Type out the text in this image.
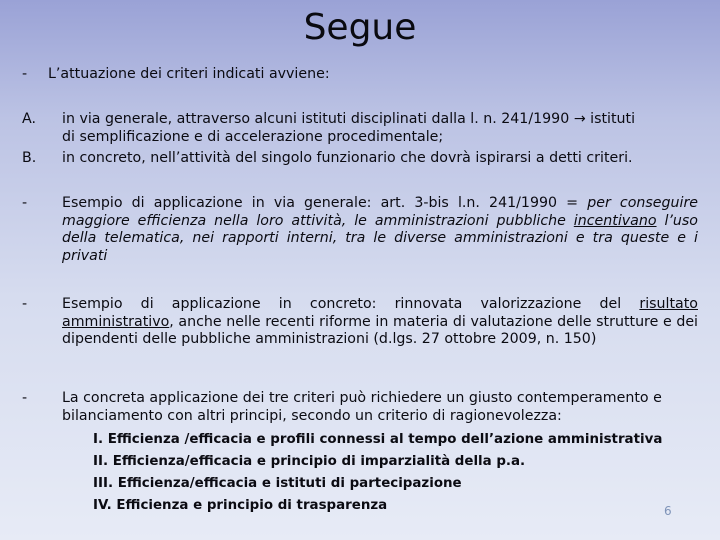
Segue
-	L’attuazione dei criteri indicati avviene:
A.	in via generale, attraverso alcuni istituti disciplinati dalla l. n. 241/1990 → istituti
di semplificazione e di accelerazione procedimentale;
B.	in concreto, nell’attività del singolo funzionario che dovrà ispirarsi a detti criteri.
-	Esempio di applicazione in via generale: art. 3-bis l.n. 241/1990 = per conseguire maggiore efficienza nella loro attività, le amministrazioni pubbliche incentivano l’uso della telematica, nei rapporti interni, tra le diverse amministrazioni e tra queste e i privati
-	Esempio di applicazione in concreto: rinnovata valorizzazione del risultato amministrativo, anche nelle recenti riforme in materia di valutazione delle strutture e dei dipendenti delle pubbliche amministrazioni (d.lgs. 27 ottobre 2009, n. 150)
-	La concreta applicazione dei tre criteri può richiedere un giusto contemperamento e bilanciamento con altri principi, secondo un criterio di ragionevolezza:
I. Efficienza /efficacia e profili connessi al tempo dell’azione amministrativa
II. Efficienza/efficacia e principio di imparzialità della p.a.
III. Efficienza/efficacia e istituti di partecipazione
IV. Efficienza e principio di trasparenza	6
